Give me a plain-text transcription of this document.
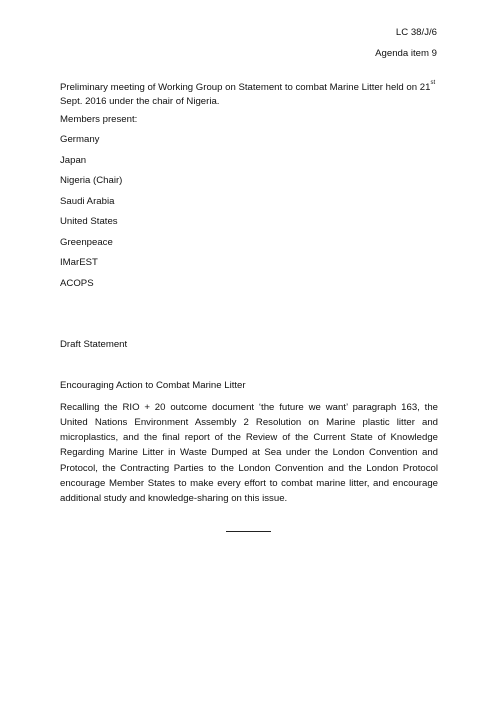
LC 38/J/6

Agenda item 9

Preliminary meeting of Working Group on Statement to combat Marine Litter held on 21st
Sept. 2016 under the chair of Nigeria.

Members present:

Germany

Japan

Nigeria (Chair)

Saudi Arabia

United States

Greenpeace

IMarEST

ACOPS

Draft Statement

Encouraging Action to Combat Marine Litter

Recalling the RIO + 20 outcome document ‘the future we want’ paragraph 163, the United Nations Environment Assembly 2 Resolution on Marine plastic litter and microplastics, and the final report of the Review of the Current State of Knowledge Regarding Marine Litter in Waste Dumped at Sea under the London Convention and Protocol, the Contracting Parties to the London Convention and the London Protocol encourage Member States to make every effort to combat marine litter, and encourage additional study and knowledge-sharing on this issue.
